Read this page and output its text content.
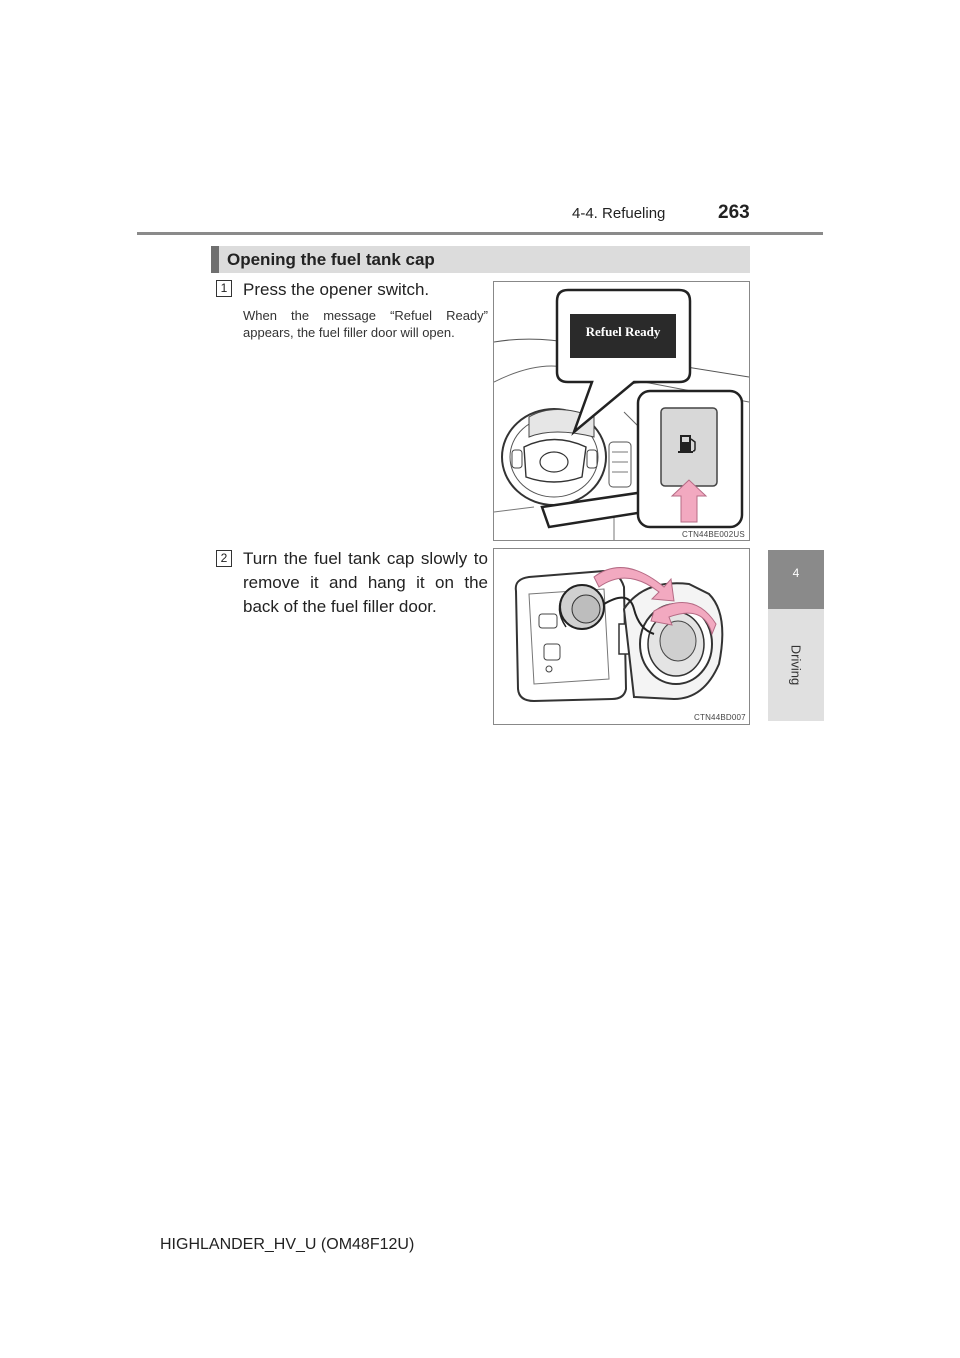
4-4. Refueling	263
4
Driving
Opening the fuel tank cap
1 Press the opener switch.
When the message “Refuel Ready” appears, the fuel filler door will open.	Refuel Ready
CTN44BE002US
2 Turn the fuel tank cap slowly to remove it and hang it on the back of the fuel filler door.
CTN44BD007
HIGHLANDER_HV_U (OM48F12U)
